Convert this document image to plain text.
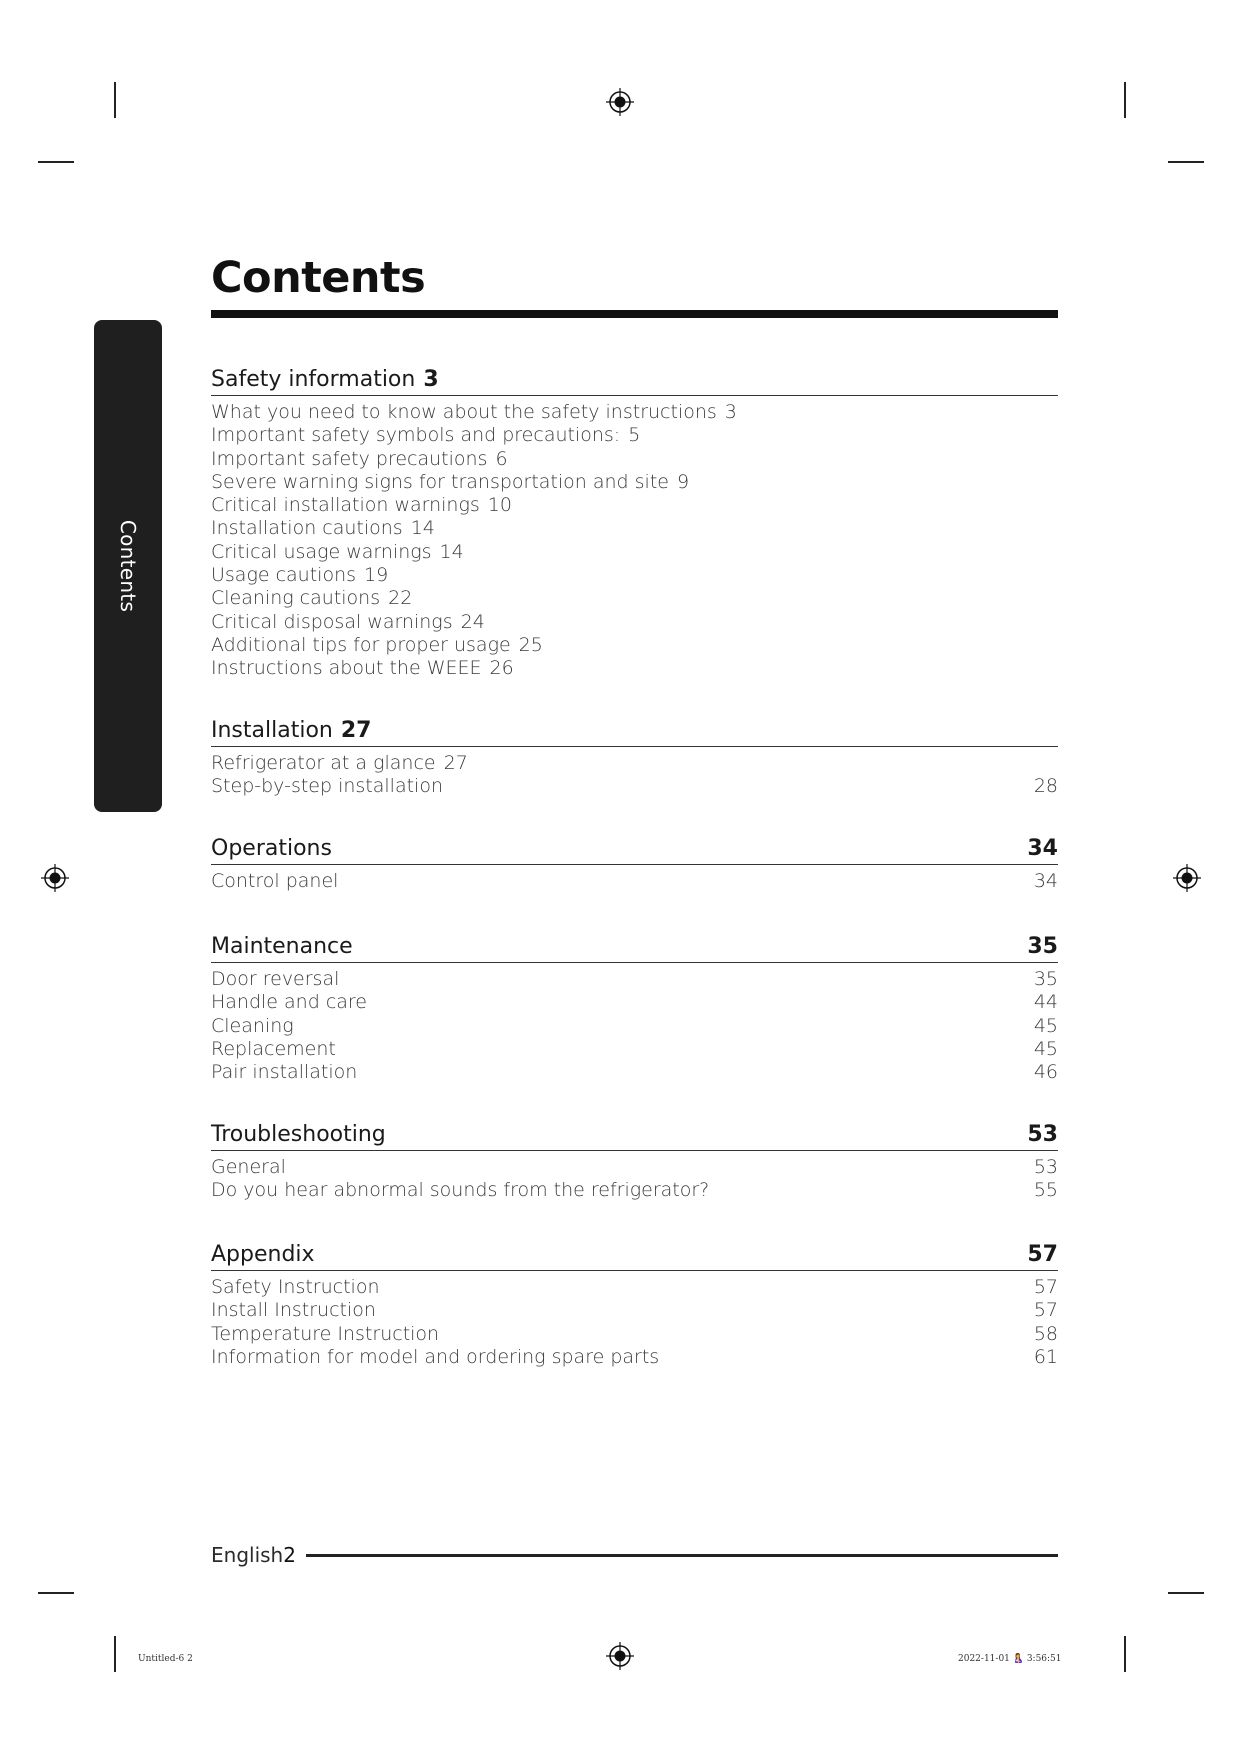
Contents
Contents
Safety information 3
What you need to know about the safety instructions 3
Important safety symbols and precautions: 5
Important safety precautions 6
Severe warning signs for transportation and site 9
Critical installation warnings 10
Installation cautions 14
Critical usage warnings 14
Usage cautions 19
Cleaning cautions 22
Critical disposal warnings 24
Additional tips for proper usage 25
Instructions about the WEEE 26
Installation 27
Refrigerator at a glance 27
Step-by-step installation	28
Operations	34
Control panel	34
Maintenance	35
Door reversal	35
Handle and care	44
Cleaning	45
Replacement	45
Pair installation	46
Troubleshooting	53
General	53
Do you hear abnormal sounds from the refrigerator?	55
Appendix	57
Safety Instruction	57
Install Instruction	57
Temperature Instruction	58
Information for model and ordering spare parts	61
English 2
Untitled-6 2	2022-11-01 🤱 3:56:51
